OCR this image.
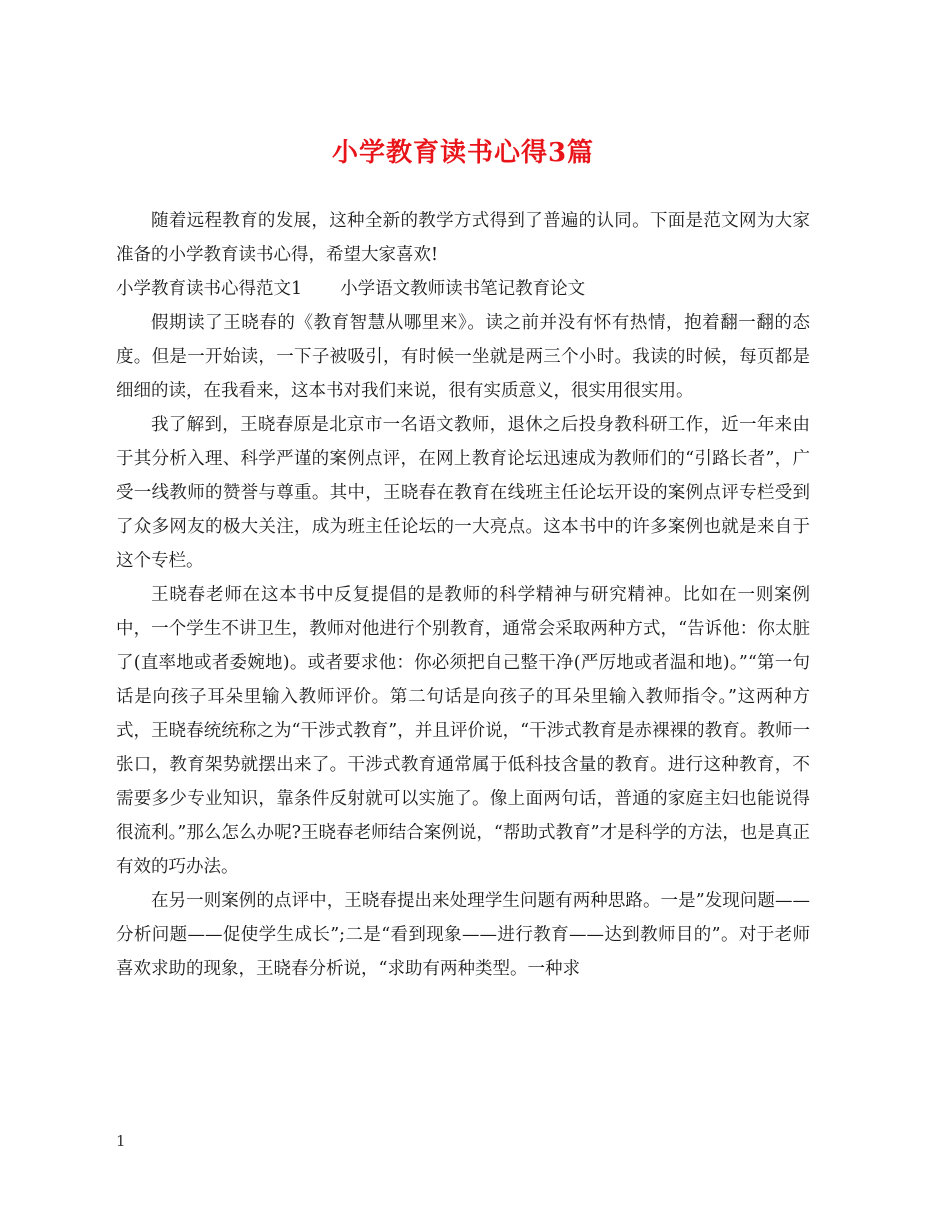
小学教育读书心得3篇

随着远程教育的发展，这种全新的教学方式得到了普遍的认同。下面是范文网为大家准备的小学教育读书心得，希望大家喜欢!

小学教育读书心得范文1 小学语文教师读书笔记教育论文

假期读了王晓春的《教育智慧从哪里来》。读之前并没有怀有热情，抱着翻一翻的态度。但是一开始读，一下子被吸引，有时候一坐就是两三个小时。我读的时候，每页都是细细的读，在我看来，这本书对我们来说，很有实质意义，很实用很实用。

我了解到，王晓春原是北京市一名语文教师，退休之后投身教科研工作，近一年来由于其分析入理、科学严谨的案例点评，在网上教育论坛迅速成为教师们的“引路长者”，广受一线教师的赞誉与尊重。其中，王晓春在教育在线班主任论坛开设的案例点评专栏受到了众多网友的极大关注，成为班主任论坛的一大亮点。这本书中的许多案例也就是来自于这个专栏。

王晓春老师在这本书中反复提倡的是教师的科学精神与研究精神。比如在一则案例中，一个学生不讲卫生，教师对他进行个别教育，通常会采取两种方式，“告诉他：你太脏了(直率地或者委婉地)。或者要求他：你必须把自己整干净(严厉地或者温和地)。”“第一句话是向孩子耳朵里输入教师评价。第二句话是向孩子的耳朵里输入教师指令。”这两种方式，王晓春统统称之为“干涉式教育”，并且评价说，“干涉式教育是赤裸裸的教育。教师一张口，教育架势就摆出来了。干涉式教育通常属于低科技含量的教育。进行这种教育，不需要多少专业知识，靠条件反射就可以实施了。像上面两句话，普通的家庭主妇也能说得很流利。”那么怎么办呢?王晓春老师结合案例说，“帮助式教育”才是科学的方法，也是真正有效的巧办法。

在另一则案例的点评中，王晓春提出来处理学生问题有两种思路。一是”发现问题——分析问题——促使学生成长”;二是“看到现象——进行教育——达到教师目的”。对于老师喜欢求助的现象，王晓春分析说，“求助有两种类型。一种求

1
